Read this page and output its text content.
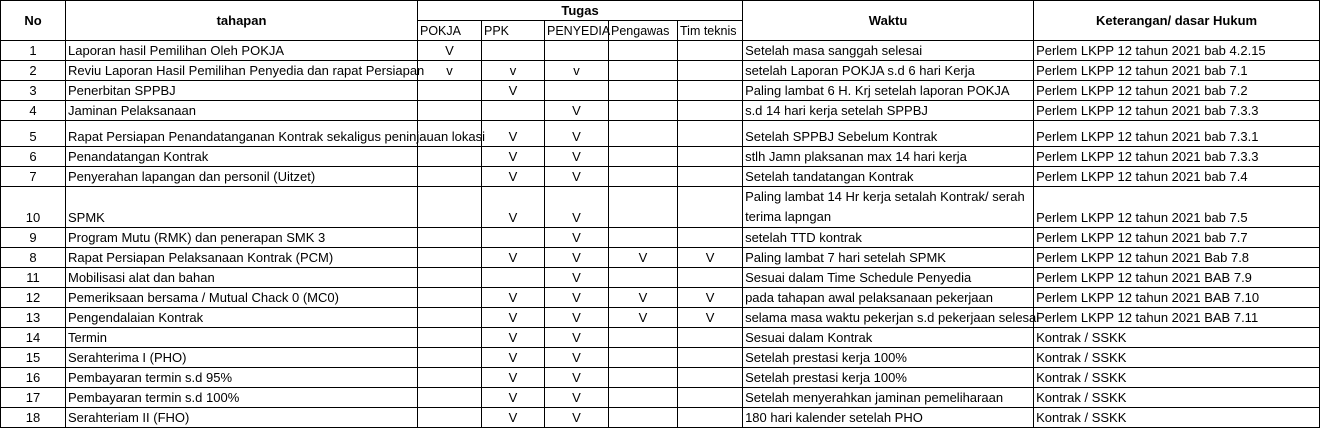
No	tahapan	Tugas					Waktu	Keterangan/ dasar Hukum
		POKJA	PPK	PENYEDIA	Pengawas	Tim teknis		
1	Laporan hasil Pemilihan Oleh POKJA	V					Setelah masa sanggah selesai	Perlem LKPP 12 tahun 2021 bab 4.2.15
2	Reviu Laporan Hasil Pemilihan Penyedia dan rapat Persiapan	v	v	v			setelah Laporan POKJA s.d 6 hari Kerja	Perlem LKPP 12 tahun 2021 bab 7.1
3	Penerbitan SPPBJ		V				Paling lambat 6 H. Krj setelah laporan POKJA	Perlem LKPP 12 tahun 2021 bab 7.2
4	Jaminan Pelaksanaan			V			s.d 14 hari kerja setelah SPPBJ	Perlem LKPP 12 tahun 2021 bab 7.3.3
5	Rapat Persiapan Penandatanganan Kontrak sekaligus peninjauan lokasi		V	V			Setelah SPPBJ Sebelum Kontrak	Perlem LKPP 12 tahun 2021 bab 7.3.1
6	Penandatangan Kontrak		V	V			stlh Jamn plaksanan max 14 hari kerja	Perlem LKPP 12 tahun 2021 bab 7.3.3
7	Penyerahan lapangan dan personil (Uitzet)		V	V			Setelah tandatangan Kontrak	Perlem LKPP 12 tahun 2021 bab 7.4
10	SPMK		V	V			Paling lambat 14 Hr kerja setalah Kontrak/ serah terima lapngan	Perlem LKPP 12 tahun 2021 bab 7.5
9	Program Mutu (RMK) dan penerapan SMK 3			V			setelah TTD kontrak	Perlem LKPP 12 tahun 2021 bab 7.7
8	Rapat Persiapan Pelaksanaan Kontrak (PCM)		V	V	V	V	Paling lambat 7 hari setelah SPMK	Perlem LKPP 12 tahun 2021 Bab 7.8
11	Mobilisasi alat dan bahan			V			Sesuai dalam Time Schedule Penyedia	Perlem LKPP 12 tahun 2021 BAB 7.9
12	Pemeriksaan bersama / Mutual Chack 0 (MC0)		V	V	V	V	pada tahapan awal pelaksanaan pekerjaan	Perlem LKPP 12 tahun 2021 BAB 7.10
13	Pengendalaian Kontrak		V	V	V	V	selama masa waktu pekerjan s.d pekerjaan selesai	Perlem LKPP 12 tahun 2021 BAB 7.11
14	Termin		V	V			Sesuai dalam Kontrak	Kontrak / SSKK
15	Serahterima I (PHO)		V	V			Setelah prestasi kerja 100%	Kontrak / SSKK
16	Pembayaran termin s.d 95%		V	V			Setelah prestasi kerja 100%	Kontrak / SSKK
17	Pembayaran termin s.d 100%		V	V			Setelah menyerahkan jaminan pemeliharaan	Kontrak / SSKK
18	Serahteriam II (FHO)		V	V			180 hari kalender setelah PHO	Kontrak / SSKK
